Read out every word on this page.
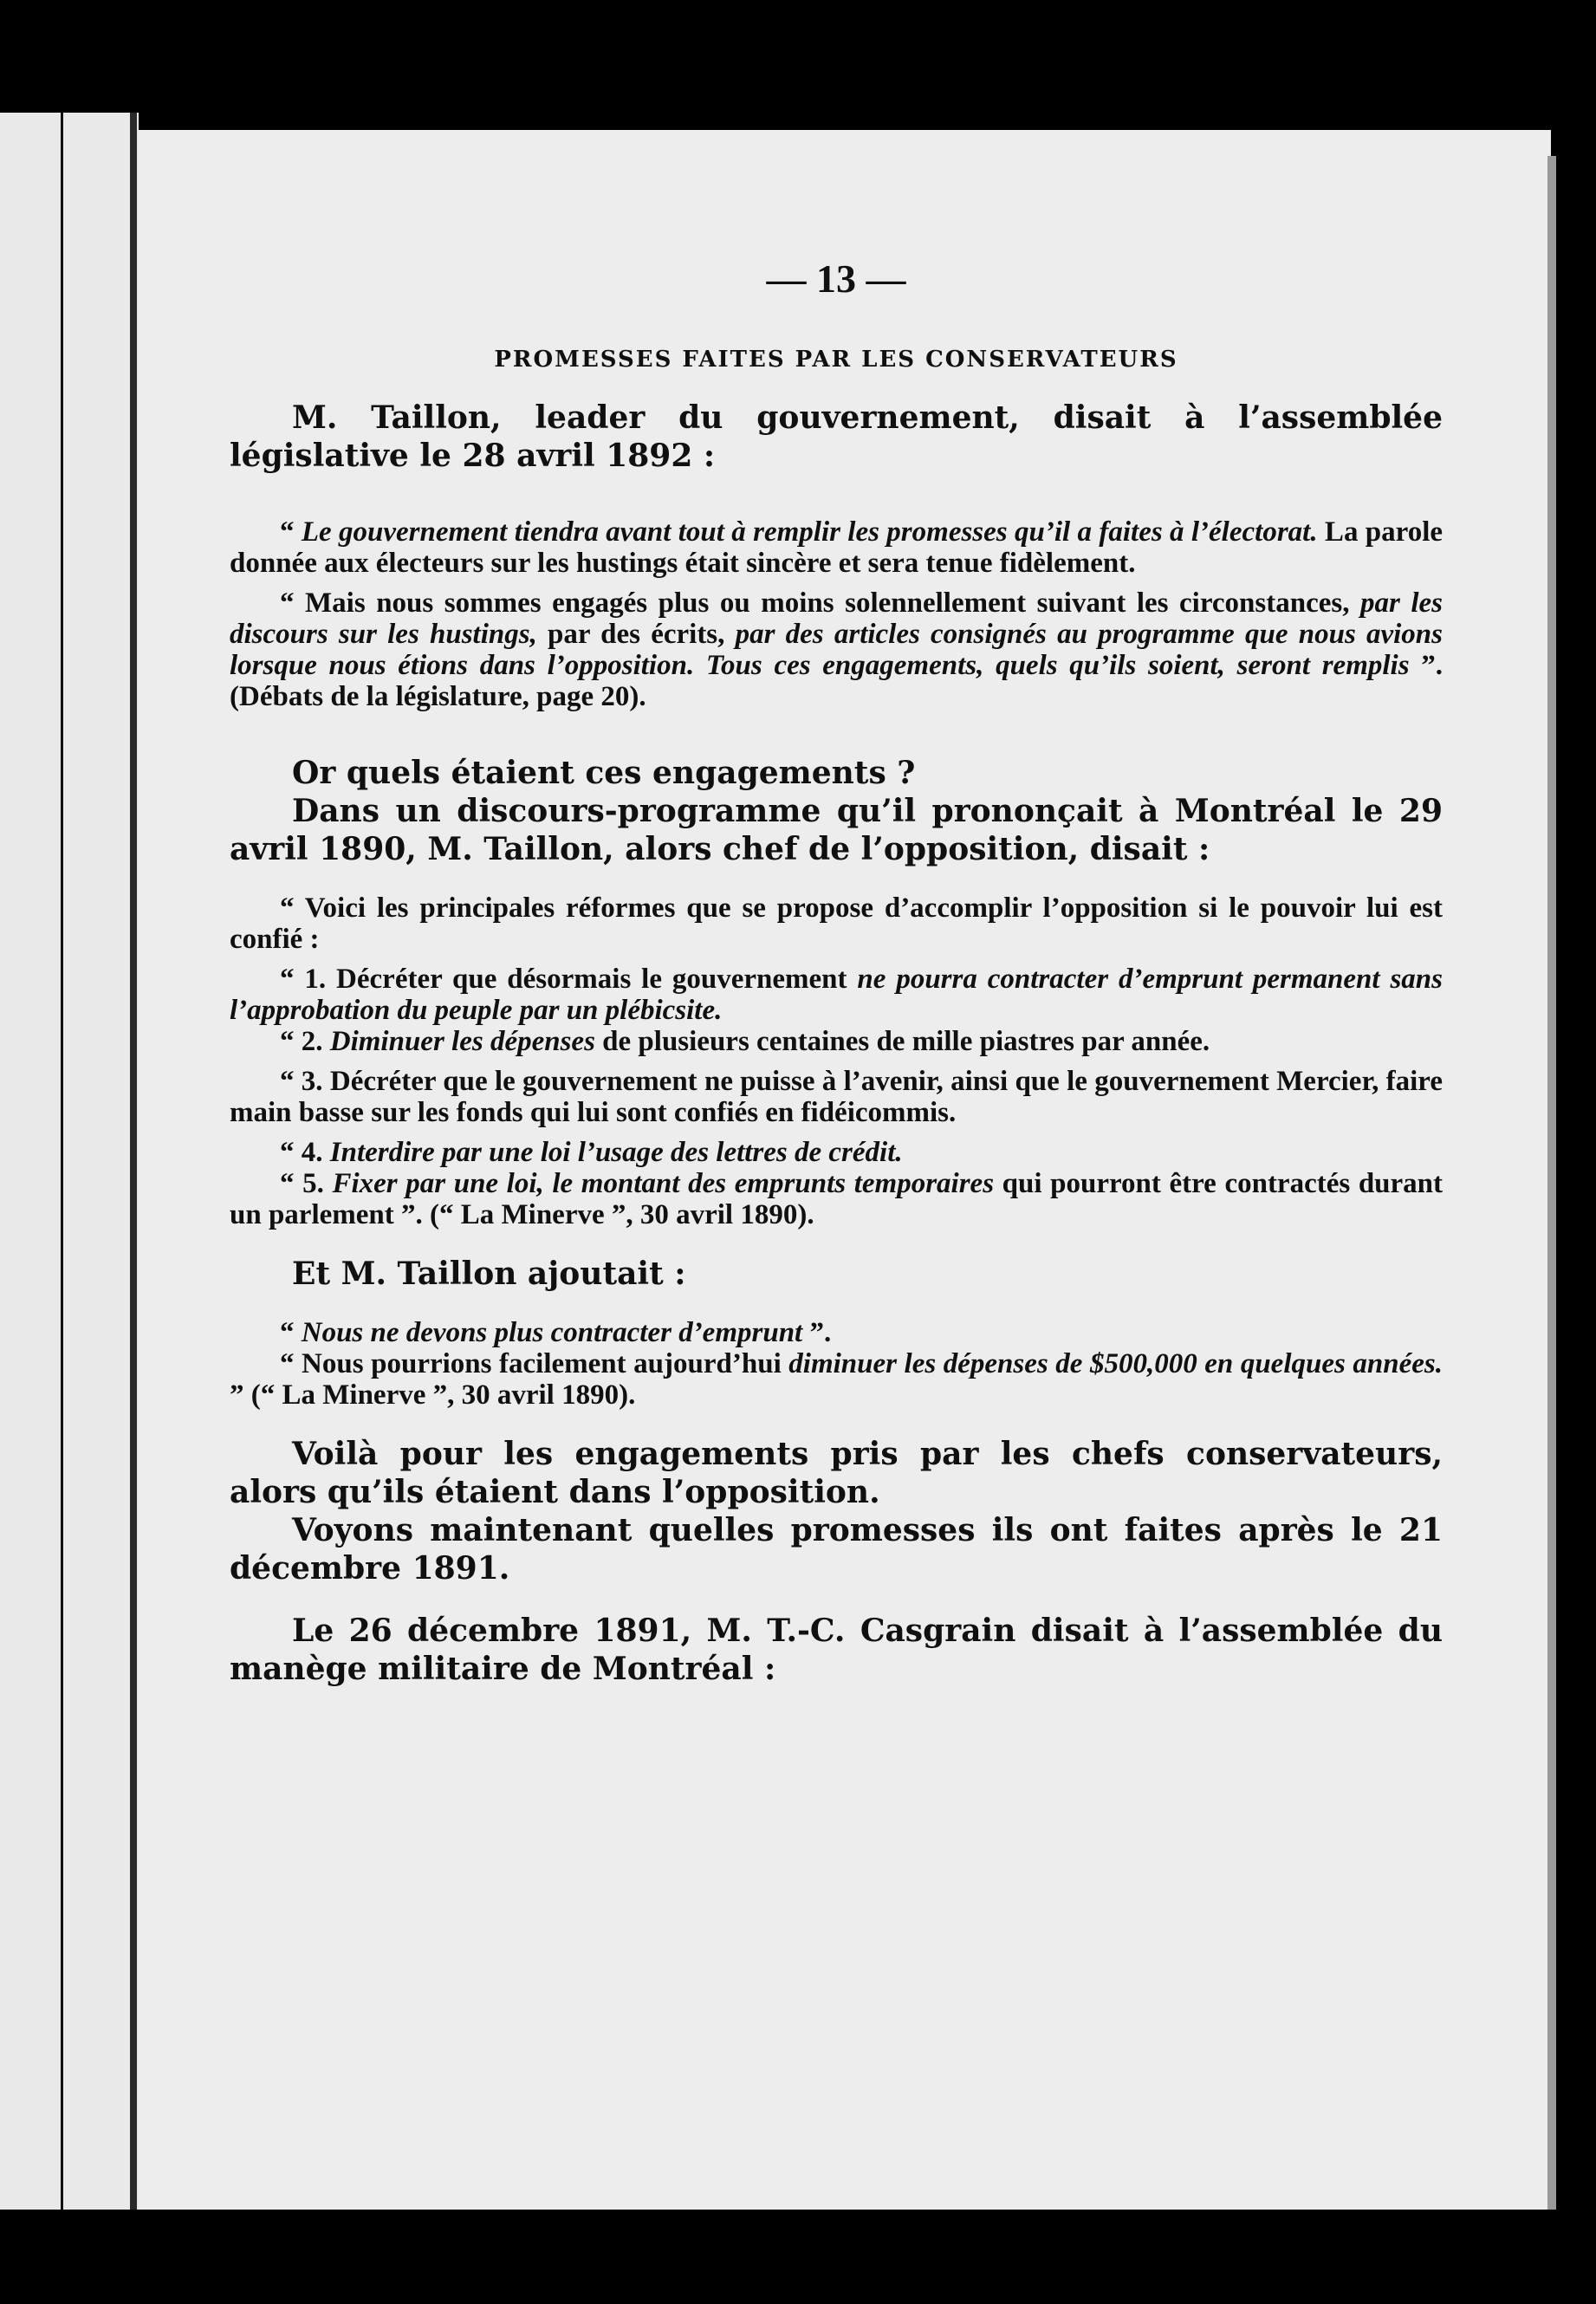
— 13 —
PROMESSES FAITES PAR LES CONSERVATEURS

M. Taillon, leader du gouvernement, disait à l’assemblée législative le 28 avril 1892 :

“ Le gouvernement tiendra avant tout à remplir les promesses qu’il a faites à l’électorat. La parole donnée aux électeurs sur les hustings était sincère et sera tenue fidèlement.

“ Mais nous sommes engagés plus ou moins solennellement suivant les circonstances, par les discours sur les hustings, par des écrits, par des articles consignés au programme que nous avions lorsque nous étions dans l’opposition. Tous ces engagements, quels qu’ils soient, seront remplis ”. (Débats de la législature, page 20).

Or quels étaient ces engagements ?

Dans un discours-programme qu’il prononçait à Montréal le 29 avril 1890, M. Taillon, alors chef de l’opposition, disait :

“ Voici les principales réformes que se propose d’accomplir l’opposition si le pouvoir lui est confié :

“ 1. Décréter que désormais le gouvernement ne pourra contracter d’emprunt permanent sans l’approbation du peuple par un plébicsite.

“ 2. Diminuer les dépenses de plusieurs centaines de mille piastres par année.

“ 3. Décréter que le gouvernement ne puisse à l’avenir, ainsi que le gouvernement Mercier, faire main basse sur les fonds qui lui sont confiés en fidéicommis.

“ 4. Interdire par une loi l’usage des lettres de crédit.

“ 5. Fixer par une loi, le montant des emprunts temporaires qui pourront être contractés durant un parlement ”. (“ La Minerve ”, 30 avril 1890).

Et M. Taillon ajoutait :

“ Nous ne devons plus contracter d’emprunt ”.

“ Nous pourrions facilement aujourd’hui diminuer les dépenses de $500,000 en quelques années. ” (“ La Minerve ”, 30 avril 1890).

Voilà pour les engagements pris par les chefs conservateurs, alors qu’ils étaient dans l’opposition.

Voyons maintenant quelles promesses ils ont faites après le 21 décembre 1891.

Le 26 décembre 1891, M. T.-C. Casgrain disait à l’assemblée du manège militaire de Montréal :
